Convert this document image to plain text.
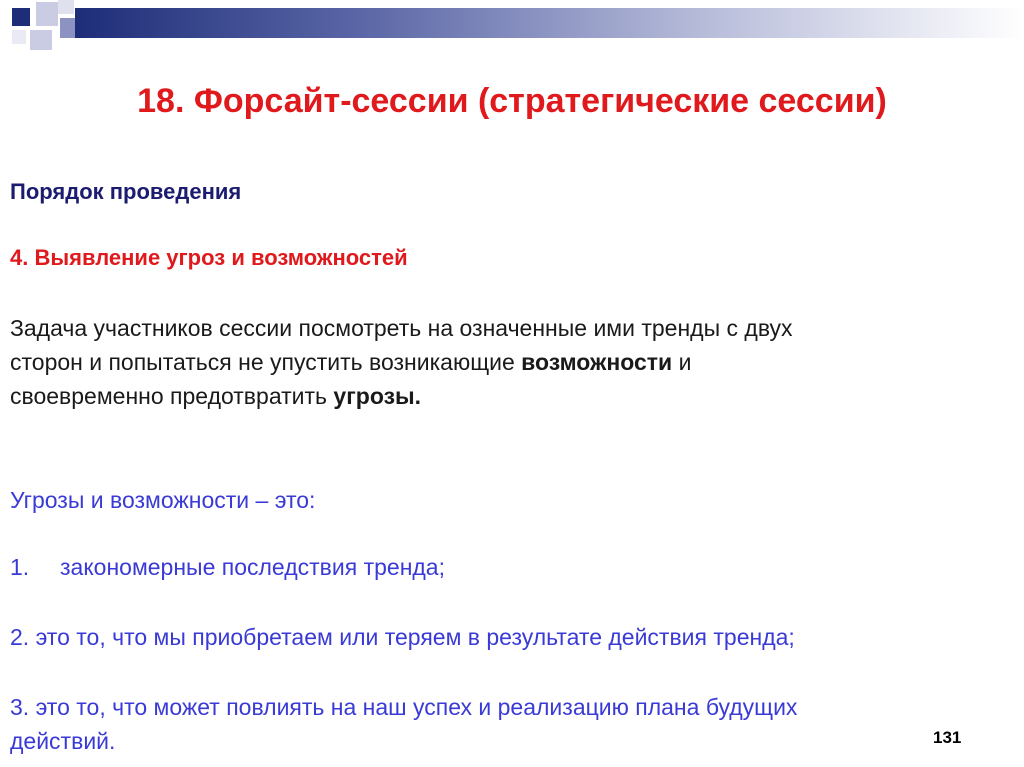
18. Форсайт-сессии (стратегические сессии)

Порядок проведения

4. Выявление угроз и возможностей

Задача участников сессии посмотреть на означенные ими тренды с двух

сторон и попытаться не упустить возникающие возможности и

своевременно предотвратить угрозы.

Угрозы и возможности – это:

1. закономерные последствия тренда;

2. это то, что мы приобретаем или теряем в результате действия тренда;

3. это то, что может повлиять на наш успех и реализацию плана будущих

действий.	131
